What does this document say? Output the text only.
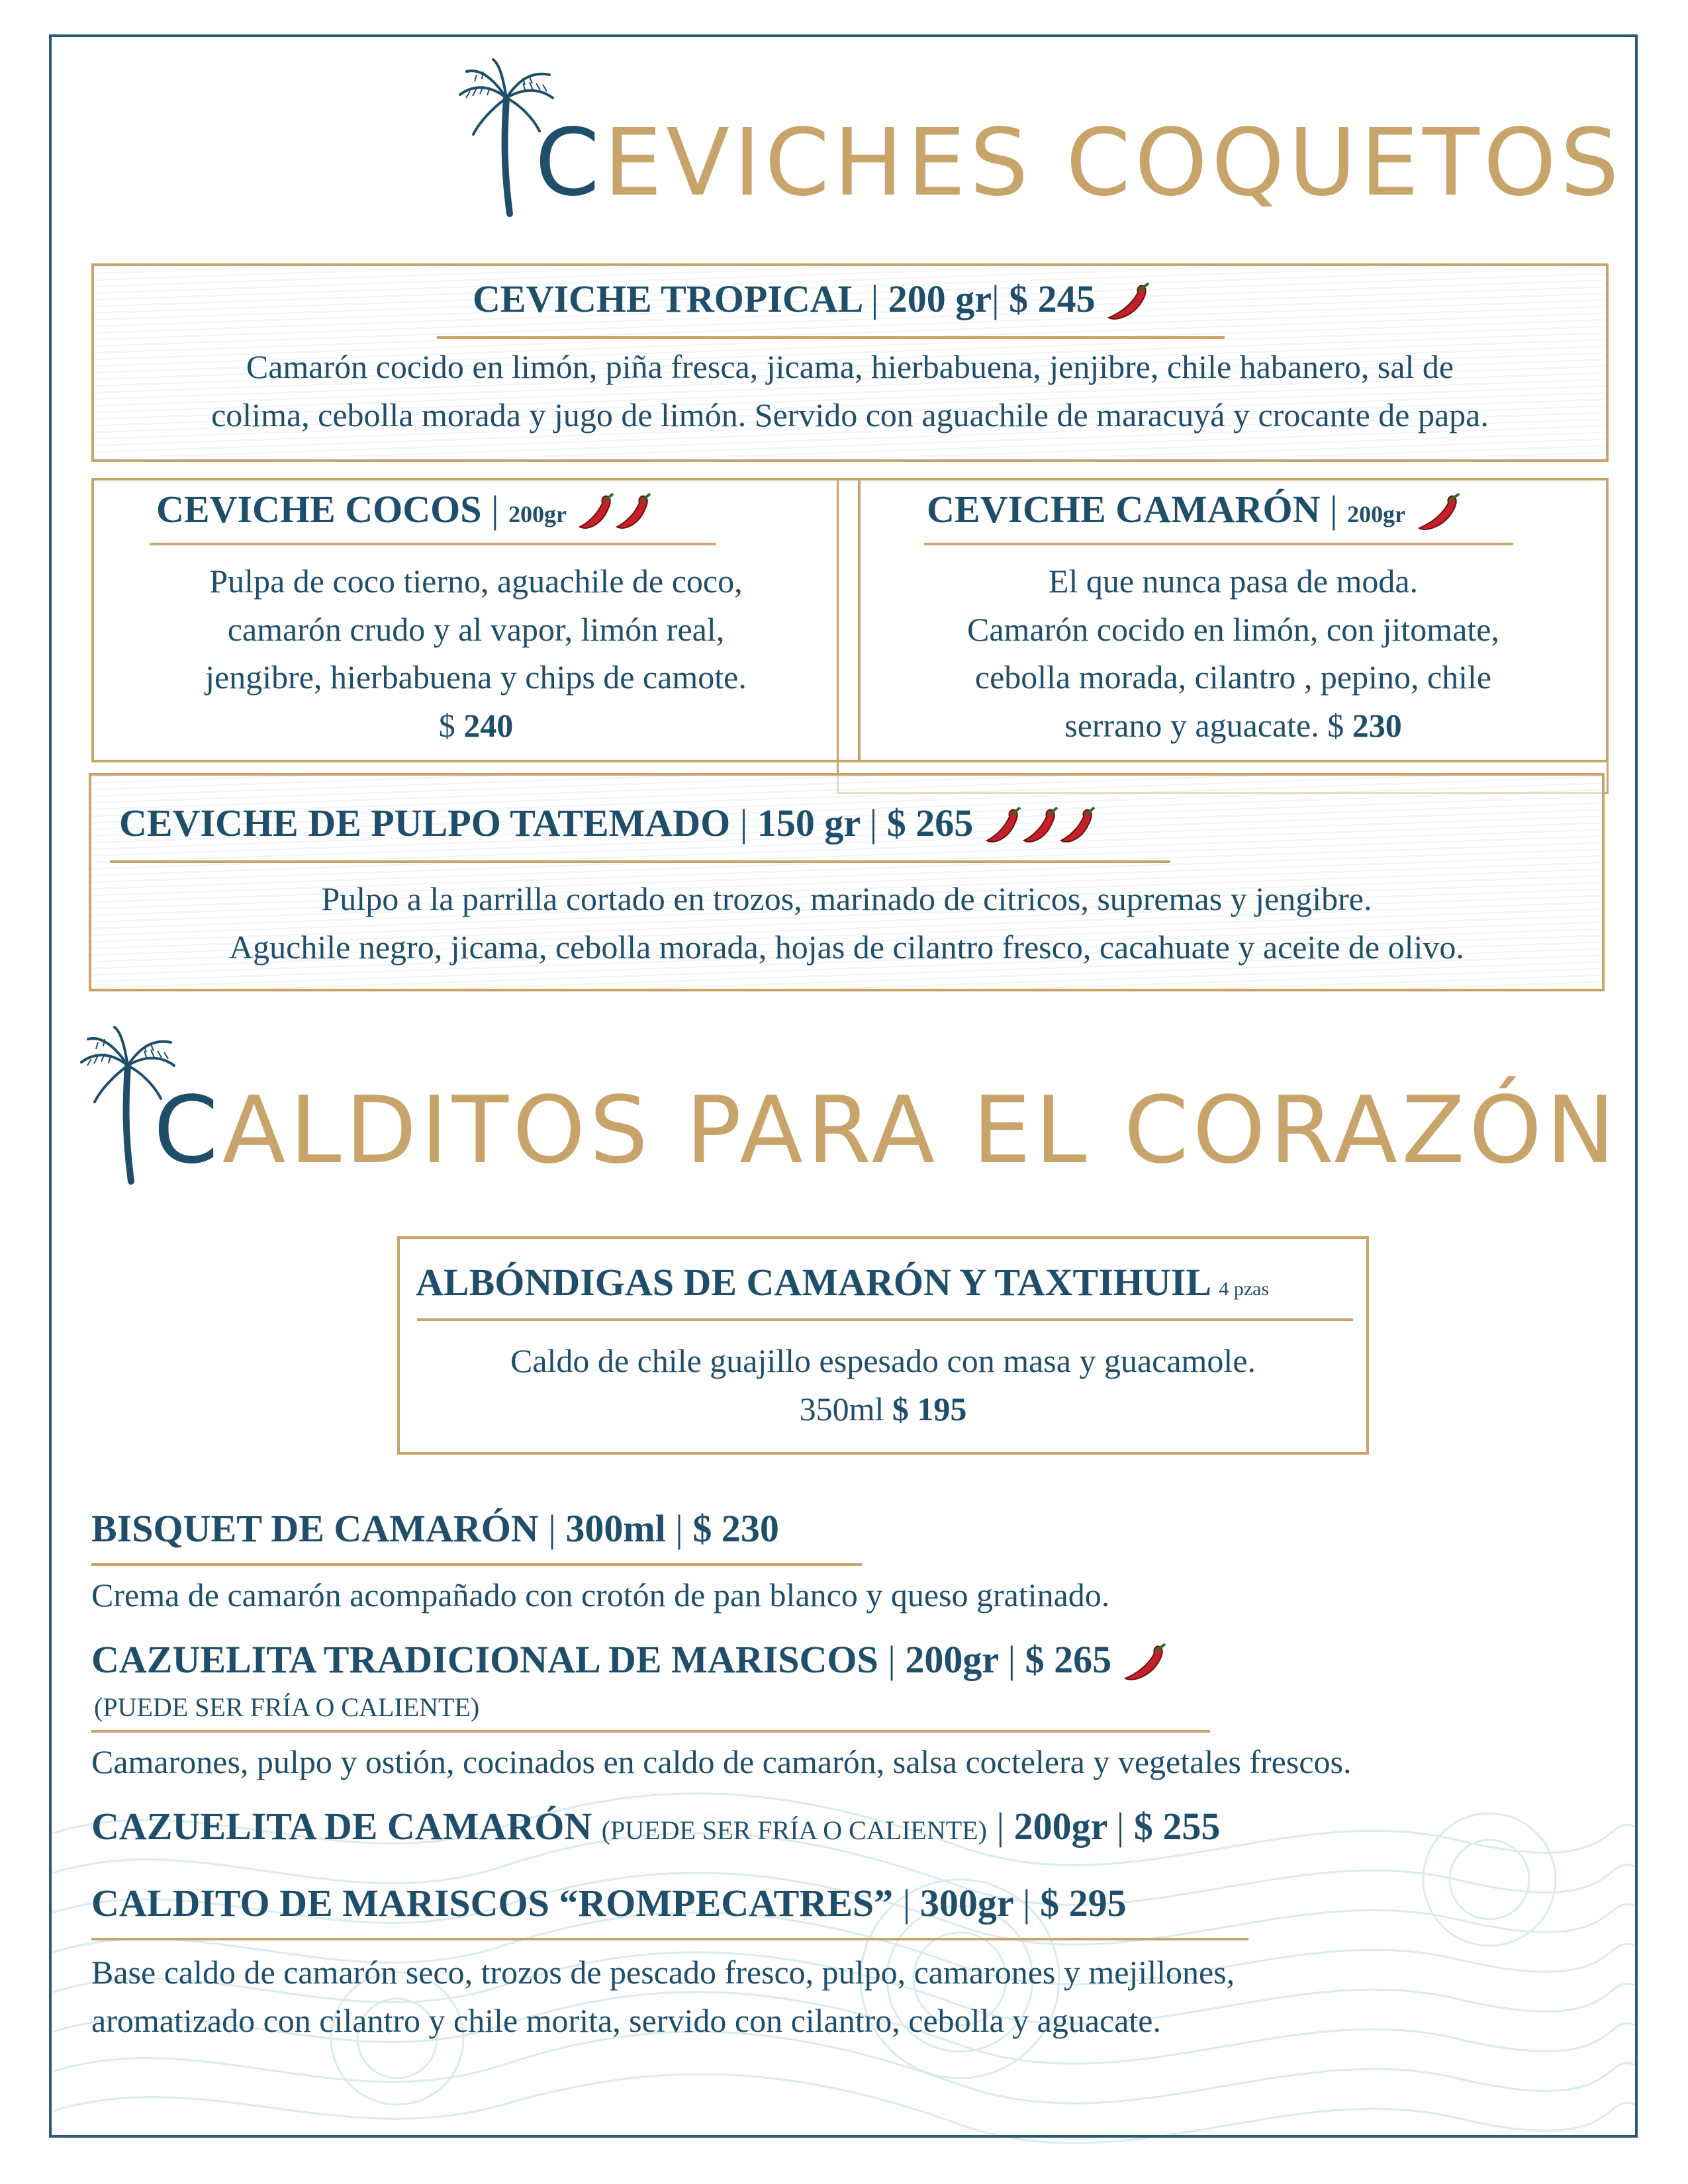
C EVICHES COQUETOS
CEVICHE TROPICAL | 200 gr| $ 245
Camarón cocido en limón, piña fresca, jicama, hierbabuena, jenjibre, chile habanero, sal de
colima, cebolla morada y jugo de limón. Servido con aguachile de maracuyá y crocante de papa.
CEVICHE COCOS | 200gr
Pulpa de coco tierno, aguachile de coco,
camarón crudo y al vapor, limón real,
jengibre, hierbabuena y chips de camote.
$ 240
CEVICHE CAMARÓN | 200gr
El que nunca pasa de moda.
Camarón cocido en limón, con jitomate,
cebolla morada, cilantro , pepino, chile
serrano y aguacate. $ 230
CEVICHE DE PULPO TATEMADO | 150 gr | $ 265
Pulpo a la parrilla cortado en trozos, marinado de citricos, supremas y jengibre.
Aguchile negro, jicama, cebolla morada, hojas de cilantro fresco, cacahuate y aceite de olivo.
C ALDITOS PARA EL CORAZÓN
ALBÓNDIGAS DE CAMARÓN Y TAXTIHUIL 4 pzas
Caldo de chile guajillo espesado con masa y guacamole.
350ml $ 195
BISQUET DE CAMARÓN | 300ml | $ 230
Crema de camarón acompañado con crotón de pan blanco y queso gratinado.
CAZUELITA TRADICIONAL DE MARISCOS | 200gr | $ 265
(PUEDE SER FRÍA O CALIENTE)
Camarones, pulpo y ostión, cocinados en caldo de camarón, salsa coctelera y vegetales frescos.
CAZUELITA DE CAMARÓN (PUEDE SER FRÍA O CALIENTE) | 200gr | $ 255
CALDITO DE MARISCOS “ROMPECATRES” | 300gr | $ 295
Base caldo de camarón seco, trozos de pescado fresco, pulpo, camarones y mejillones,
aromatizado con cilantro y chile morita, servido con cilantro, cebolla y aguacate.
